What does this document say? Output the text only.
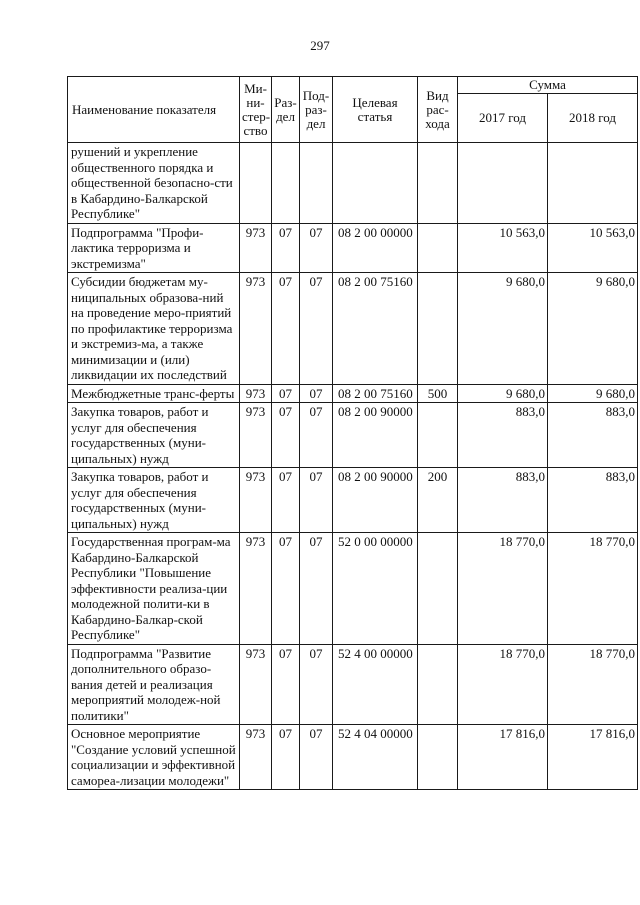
297
Наименование показателя	Ми-
ни-
стер-
ство	Раз-
дел	Под-
раз-
дел	Целевая
статья	Вид
рас-
хода	Сумма	
						2017 год	2018 год
рушений и укрепление общественного порядка и общественной безопасно-сти в Кабардино-Балкарской Республике"							
Подпрограмма "Профи-лактика терроризма и экстремизма"	973	07	07	08 2 00 00000		10 563,0	10 563,0
Субсидии бюджетам му-ниципальных образова-ний на проведение меро-приятий по профилактике терроризма и экстремиз-ма, а также минимизации и (или) ликвидации их последствий	973	07	07	08 2 00 75160		9 680,0	9 680,0
Межбюджетные транс-ферты	973	07	07	08 2 00 75160	500	9 680,0	9 680,0
Закупка товаров, работ и услуг для обеспечения государственных (муни-ципальных) нужд	973	07	07	08 2 00 90000		883,0	883,0
Закупка товаров, работ и услуг для обеспечения государственных (муни-ципальных) нужд	973	07	07	08 2 00 90000	200	883,0	883,0
Государственная програм-ма Кабардино-Балкарской Республики "Повышение эффективности реализа-ции молодежной полити-ки в Кабардино-Балкар-ской Республике"	973	07	07	52 0 00 00000		18 770,0	18 770,0
Подпрограмма "Развитие дополнительного образо-вания детей и реализация мероприятий молодеж-ной политики"	973	07	07	52 4 00 00000		18 770,0	18 770,0
Основное мероприятие "Создание условий успешной социализации и эффективной самореа-лизации молодежи"	973	07	07	52 4 04 00000		17 816,0	17 816,0
